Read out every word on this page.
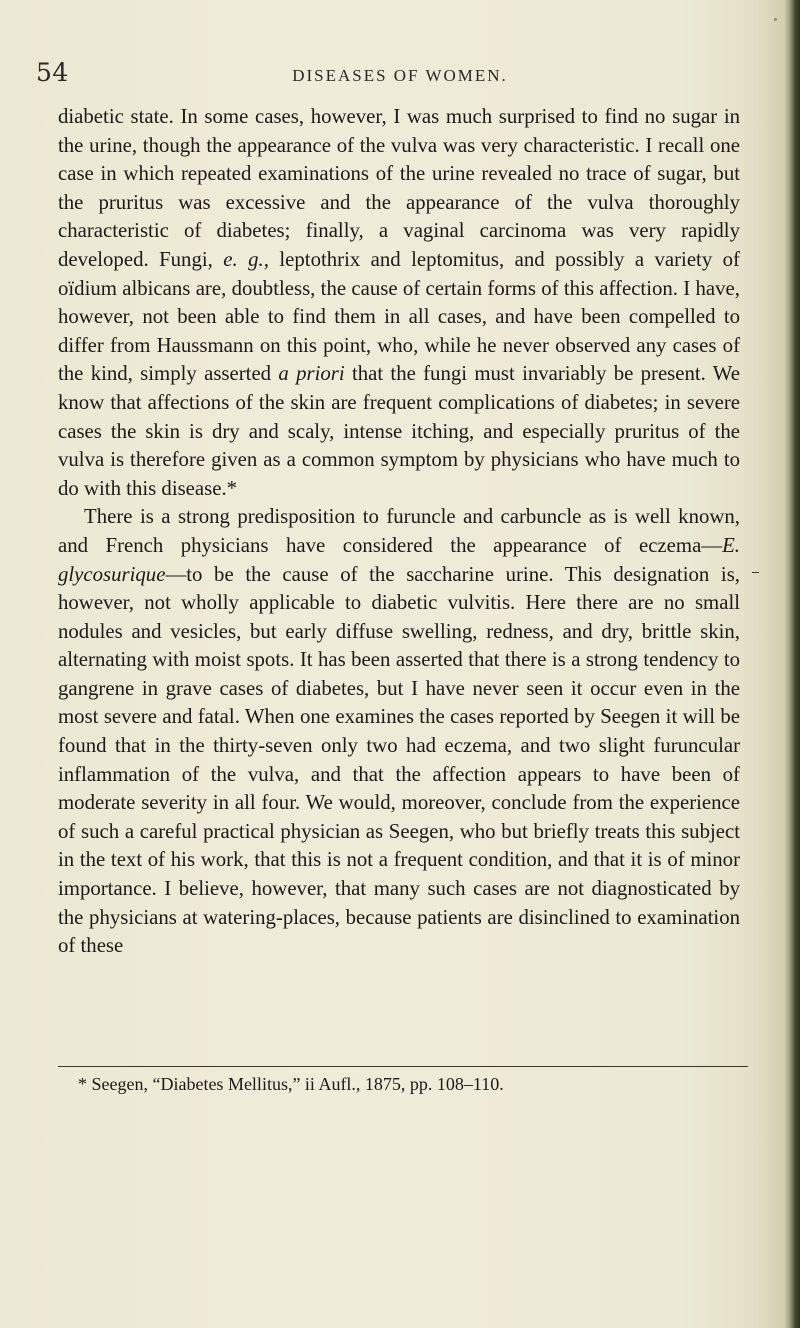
54	DISEASES OF WOMEN.

diabetic state. In some cases, however, I was much surprised to find no sugar in the urine, though the appearance of the vulva was very characteristic. I recall one case in which repeated examinations of the urine revealed no trace of sugar, but the pruritus was excessive and the appearance of the vulva thoroughly characteristic of diabetes; finally, a vaginal carcinoma was very rapidly developed. Fungi, e. g., leptothrix and leptomitus, and possibly a variety of oïdium albicans are, doubtless, the cause of certain forms of this affection. I have, however, not been able to find them in all cases, and have been compelled to differ from Haussmann on this point, who, while he never observed any cases of the kind, simply asserted a priori that the fungi must invariably be present. We know that affections of the skin are frequent complications of diabetes; in severe cases the skin is dry and scaly, intense itching, and especially pruritus of the vulva is therefore given as a common symptom by physicians who have much to do with this disease.*

There is a strong predisposition to furuncle and carbuncle as is well known, and French physicians have considered the appearance of eczema—E. glycosurique—to be the cause of the saccharine urine. This designation is, however, not wholly applicable to diabetic vulvitis. Here there are no small nodules and vesicles, but early diffuse swelling, redness, and dry, brittle skin, alternating with moist spots. It has been asserted that there is a strong tendency to gangrene in grave cases of diabetes, but I have never seen it occur even in the most severe and fatal. When one examines the cases reported by Seegen it will be found that in the thirty-seven only two had eczema, and two slight furuncular inflammation of the vulva, and that the affection appears to have been of moderate severity in all four. We would, moreover, conclude from the experience of such a careful practical physician as Seegen, who but briefly treats this subject in the text of his work, that this is not a frequent condition, and that it is of minor importance. I believe, however, that many such cases are not diagnosticated by the physicians at watering-places, because patients are disinclined to examination of these

* Seegen, “Diabetes Mellitus,” ii Aufl., 1875, pp. 108–110.
